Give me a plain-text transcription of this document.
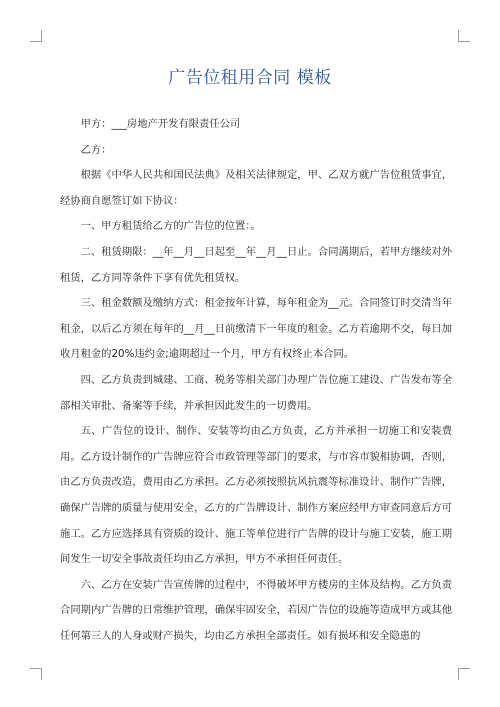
广告位租用合同 模板

甲方：___房地产开发有限责任公司

乙方：

根据《中华人民共和国民法典》及相关法律规定，甲、乙双方就广告位租赁事宜，经协商自愿签订如下协议：

一、甲方租赁给乙方的广告位的位置：。

二、租赁期限：__年__月__日起至__年__月__日止。合同满期后，若甲方继续对外租赁，乙方同等条件下享有优先租赁权。

三、租金数额及缴纳方式：租金按年计算，每年租金为__元。合同签订时交清当年租金，以后乙方须在每年的__月__日前缴清下一年度的租金。乙方若逾期不交，每日加收月租金的20%违约金;逾期超过一个月，甲方有权终止本合同。

四、乙方负责到城建、工商、税务等相关部门办理广告位施工建设、广告发布等全部相关审批、备案等手续，并承担因此发生的一切费用。

五、广告位的设计、制作、安装等均由乙方负责，乙方并承担一切施工和安装费用。乙方设计制作的广告牌应符合市政管理等部门的要求，与市容市貌相协调，否则，由乙方负责改造，费用由乙方承担。乙方必须按照抗风抗震等标准设计、制作广告牌，确保广告牌的质量与使用安全，乙方的广告牌设计、制作方案应经甲方审查同意后方可施工。乙方应选择具有资质的设计、施工等单位进行广告牌的设计与施工安装，施工期间发生一切安全事故责任均由乙方承担，甲方不承担任何责任。

六、乙方在安装广告宣传牌的过程中，不得破坏甲方楼房的主体及结构。乙方负责合同期内广告牌的日常维护管理，确保牢固安全，若因广告位的设施等造成甲方或其他任何第三人的人身或财产损失，均由乙方承担全部责任。如有损坏和安全隐患的
